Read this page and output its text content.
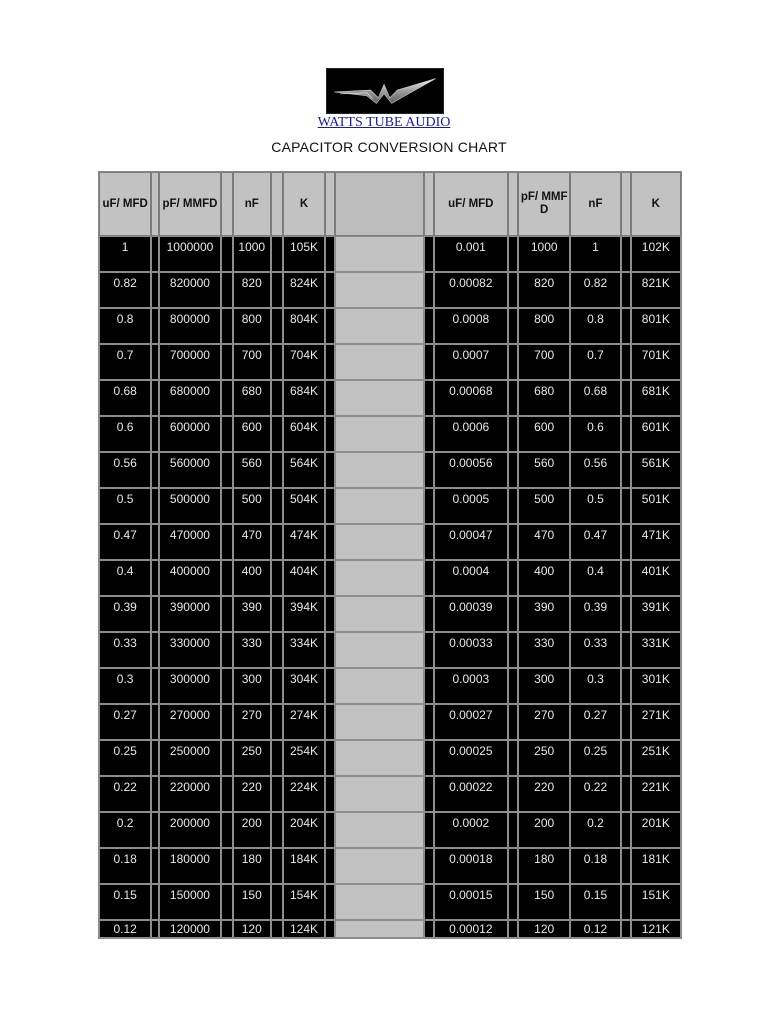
WATTS TUBE AUDIO
CAPACITOR CONVERSION CHART
uF/ MFD		pF/ MMFD		nF		K				uF/ MFD		pF/ MMF D	nF		K
1		1000000		1000		105K				0.001		1000	1		102K
0.82		820000		820		824K				0.00082		820	0.82		821K
0.8		800000		800		804K				0.0008		800	0.8		801K
0.7		700000		700		704K				0.0007		700	0.7		701K
0.68		680000		680		684K				0.00068		680	0.68		681K
0.6		600000		600		604K				0.0006		600	0.6		601K
0.56		560000		560		564K				0.00056		560	0.56		561K
0.5		500000		500		504K				0.0005		500	0.5		501K
0.47		470000		470		474K				0.00047		470	0.47		471K
0.4		400000		400		404K				0.0004		400	0.4		401K
0.39		390000		390		394K				0.00039		390	0.39		391K
0.33		330000		330		334K				0.00033		330	0.33		331K
0.3		300000		300		304K				0.0003		300	0.3		301K
0.27		270000		270		274K				0.00027		270	0.27		271K
0.25		250000		250		254K				0.00025		250	0.25		251K
0.22		220000		220		224K				0.00022		220	0.22		221K
0.2		200000		200		204K				0.0002		200	0.2		201K
0.18		180000		180		184K				0.00018		180	0.18		181K
0.15		150000		150		154K				0.00015		150	0.15		151K
0.12		120000		120		124K				0.00012		120	0.12		121K
